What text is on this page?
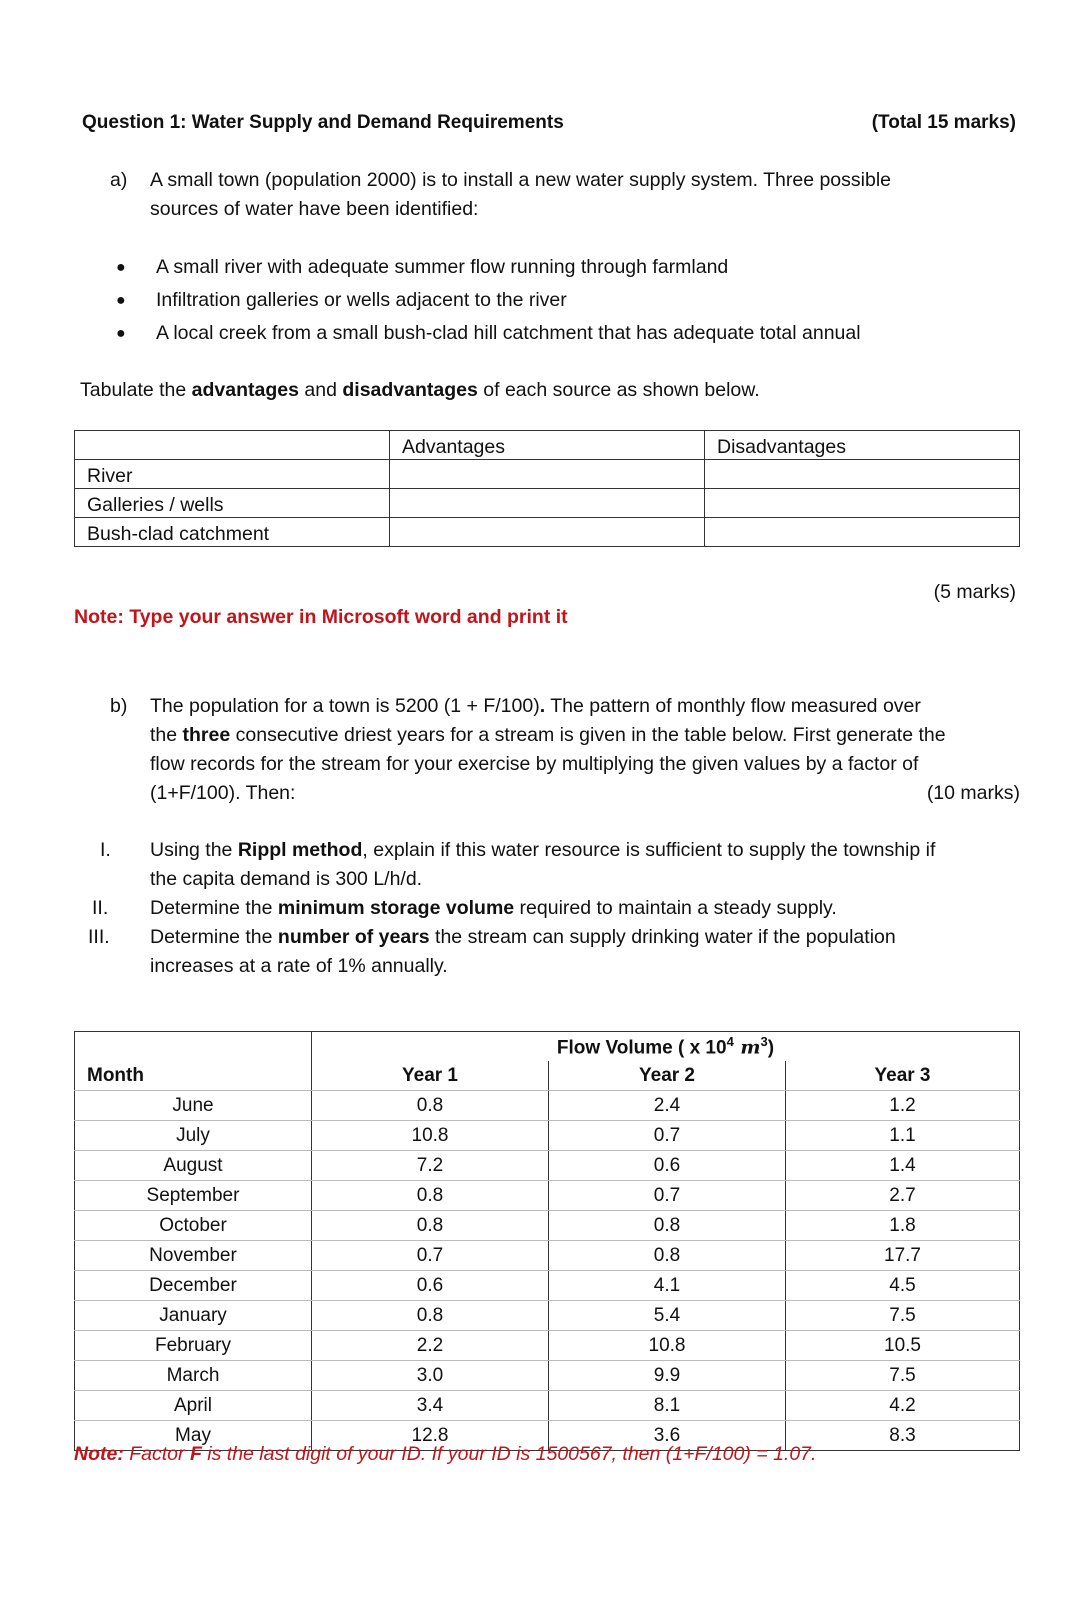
Question 1: Water Supply and Demand Requirements	(Total 15 marks)
a) A small town (population 2000) is to install a new water supply system. Three possible
sources of water have been identified:
●	A small river with adequate summer flow running through farmland
●	Infiltration galleries or wells adjacent to the river
●	A local creek from a small bush-clad hill catchment that has adequate total annual
Tabulate the advantages and disadvantages of each source as shown below.
	Advantages	Disadvantages
River		
Galleries / wells		
Bush-clad catchment		
(5 marks)
Note: Type your answer in Microsoft word and print it
b) The population for a town is 5200 (1 + F/100). The pattern of monthly flow measured over
the three consecutive driest years for a stream is given in the table below. First generate the
flow records for the stream for your exercise by multiplying the given values by a factor of
(1+F/100). Then:	(10 marks)
I.	Using the Rippl method, explain if this water resource is sufficient to supply the township if
the capita demand is 300 L/h/d.
II.	Determine the minimum storage volume required to maintain a steady supply.
III.	Determine the number of years the stream can supply drinking water if the population
increases at a rate of 1% annually.
	Flow Volume ( x $10^4$ $m^3$)		
Month	Year 1	Year 2	Year 3
June	0.8	2.4	1.2
July	10.8	0.7	1.1
August	7.2	0.6	1.4
September	0.8	0.7	2.7
October	0.8	0.8	1.8
November	0.7	0.8	17.7
December	0.6	4.1	4.5
January	0.8	5.4	7.5
February	2.2	10.8	10.5
March	3.0	9.9	7.5
April	3.4	8.1	4.2
May	12.8	3.6	8.3
Note: Factor F is the last digit of your ID. If your ID is 1500567, then (1+F/100) = 1.07.
